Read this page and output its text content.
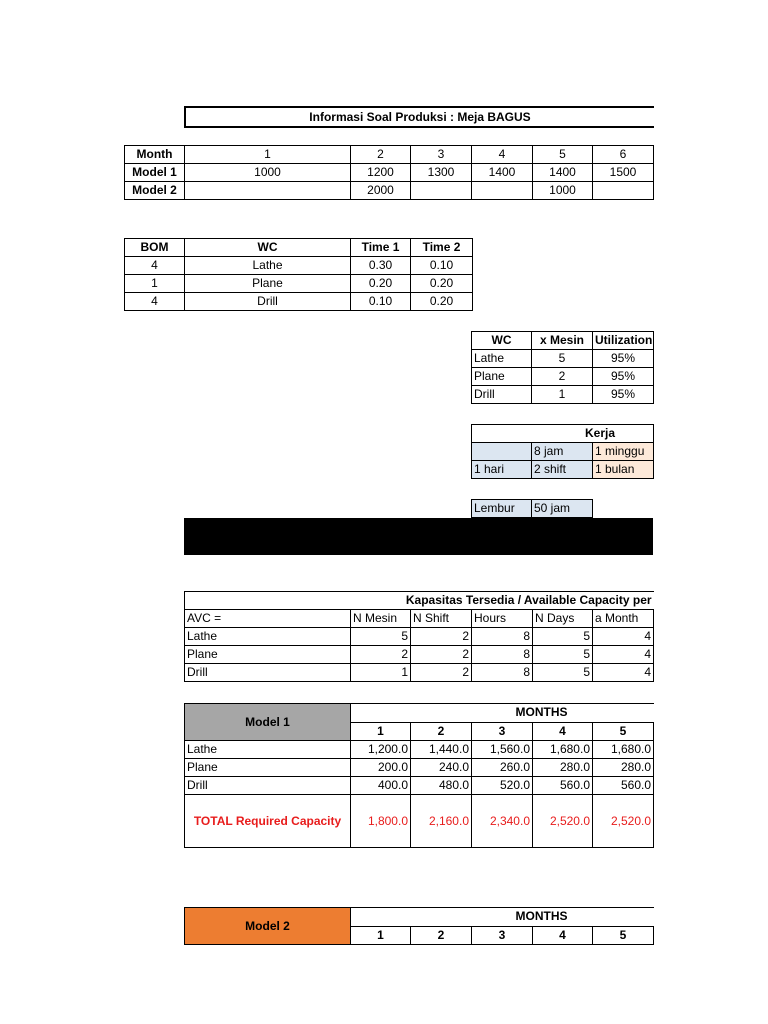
Informasi Soal Produksi : Meja BAGUS
Month	1	2	3	4	5	6
Model 1	1000	1200	1300	1400	1400	1500
Model 2		2000			1000	
BOM	WC	Time 1	Time 2
4	Lathe	0.30	0.10
1	Plane	0.20	0.20
4	Drill	0.10	0.20
WC	x Mesin	Utilization
Lathe	5	95%
Plane	2	95%
Drill	1	95%
Kerja		
	8 jam	1 minggu
1 hari	2 shift	1 bulan
Lembur	50 jam
Kapasitas Tersedia / Available Capacity per					
AVC =	N Mesin	N Shift	Hours	N Days	a Month
Lathe	5	2	8	5	4
Plane	2	2	8	5	4
Drill	1	2	8	5	4
Model 1	MONTHS				
	1	2	3	4	5
Lathe	1,200.0	1,440.0	1,560.0	1,680.0	1,680.0
Plane	200.0	240.0	260.0	280.0	280.0
Drill	400.0	480.0	520.0	560.0	560.0
TOTAL Required Capacity	1,800.0	2,160.0	2,340.0	2,520.0	2,520.0
Model 2	MONTHS				
	1	2	3	4	5
